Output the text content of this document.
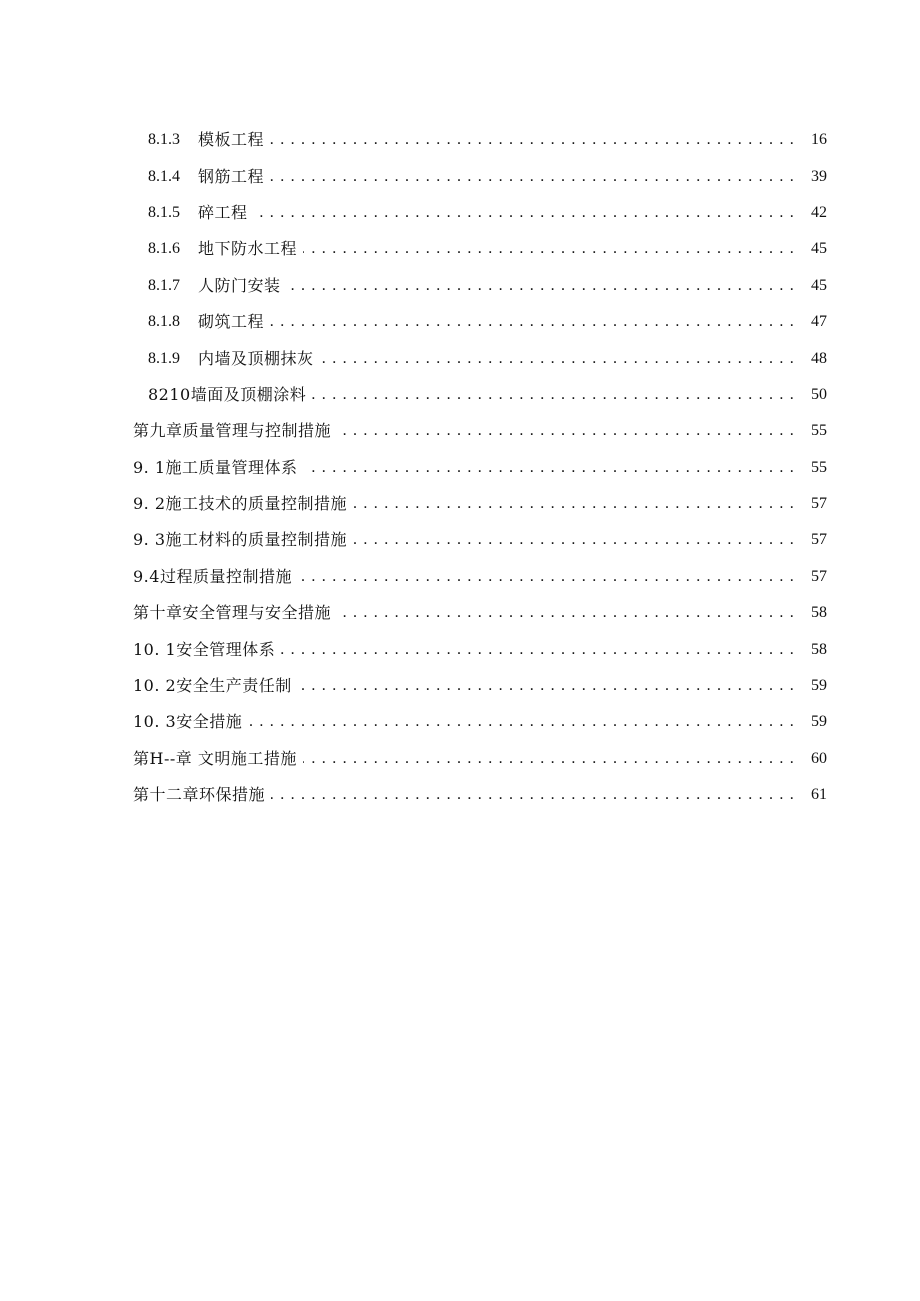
8.1.3	模板工程 . . .	16
8.1.4	钢筋工程 . . .	39
8.1.5	碎工程 . . .	42
8.1.6	地下防水工程 . . .	45
8.1.7	人防门安装 . . .	45
8.1.8	砌筑工程 . . .	47
8.1.9	内墙及顶棚抹灰 . . .	48
8210墙面及顶棚涂料 . . .	50
第九章质量管理与控制措施 . . .	55
9. 1施工质量管理体系 . . .	55
9. 2施工技术的质量控制措施 . . .	57
9. 3施工材料的质量控制措施 . . .	57
9.4过程质量控制措施 . . .	57
第十章安全管理与安全措施 . . .	58
10. 1安全管理体系 . . .	58
10. 2安全生产责任制 . . .	59
10. 3安全措施 . . .	59
第H--章 文明施工措施 . . .	60
第十二章环保措施 . . .	61
